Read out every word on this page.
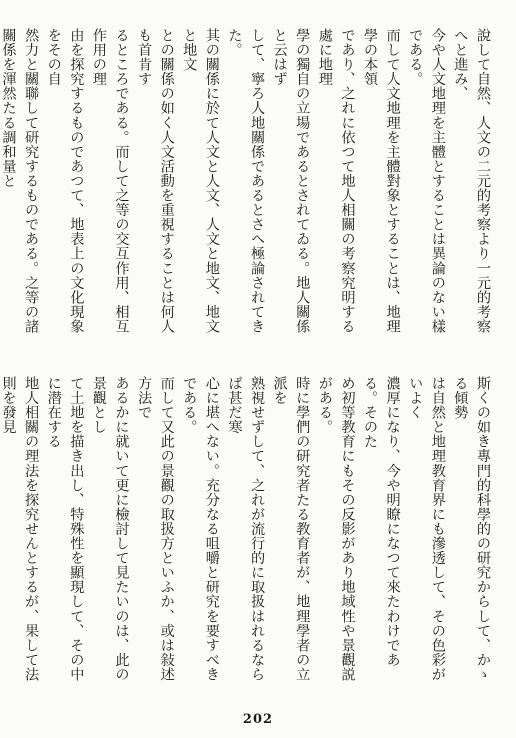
說して自然、人文の二元的考察より一元的考察へと進み、
今や人文地理を主體とすることは異論のない樣である。
而して人文地理を主體對象とすることは、地理學の本領
であり、之れに依つて地人相關の考察究明する處に地理
學の獨自の立場であるとされてゐる。地人關係と云はず
して、寧ろ人地關係であるとさへ極論されてきた。
其の關係に於て人文と人文、人文と地文、地文と地文
との關係の如く人文活動を重視することは何人も首肯す
るところである。而して之等の交互作用、相互作用の理
由を探究するものであつて、地表上の文化現象をその自
然力と關聯して研究するものである。之等の諸關係を渾然たる調和量と

斯くの如き專門的科學的の研究からして、かゝる傾勢
は自然と地理教育界にも滲透して、その色彩がいよく
濃厚になり、今や明瞭になつて來たわけである。そのた
め初等教育にもその反影があり地域性や景觀説がある。
時に學們の研究者たる教育者が、地理學者の立派を
熟視せずして、之れが流行的に取扱はれるならば甚だ寒
心に堪へない。充分なる咀嚼と研究を要すべきである。
而して又此の景觀の取扱方といふか、或は敍述方法で
あるかに就いて更に檢討して見たいのは、此の景觀とし
て土地を描き出し、特殊性を顯現して、その中に潜在する
地人相關の理法を探究せんとするが、果して法則を發見

202
